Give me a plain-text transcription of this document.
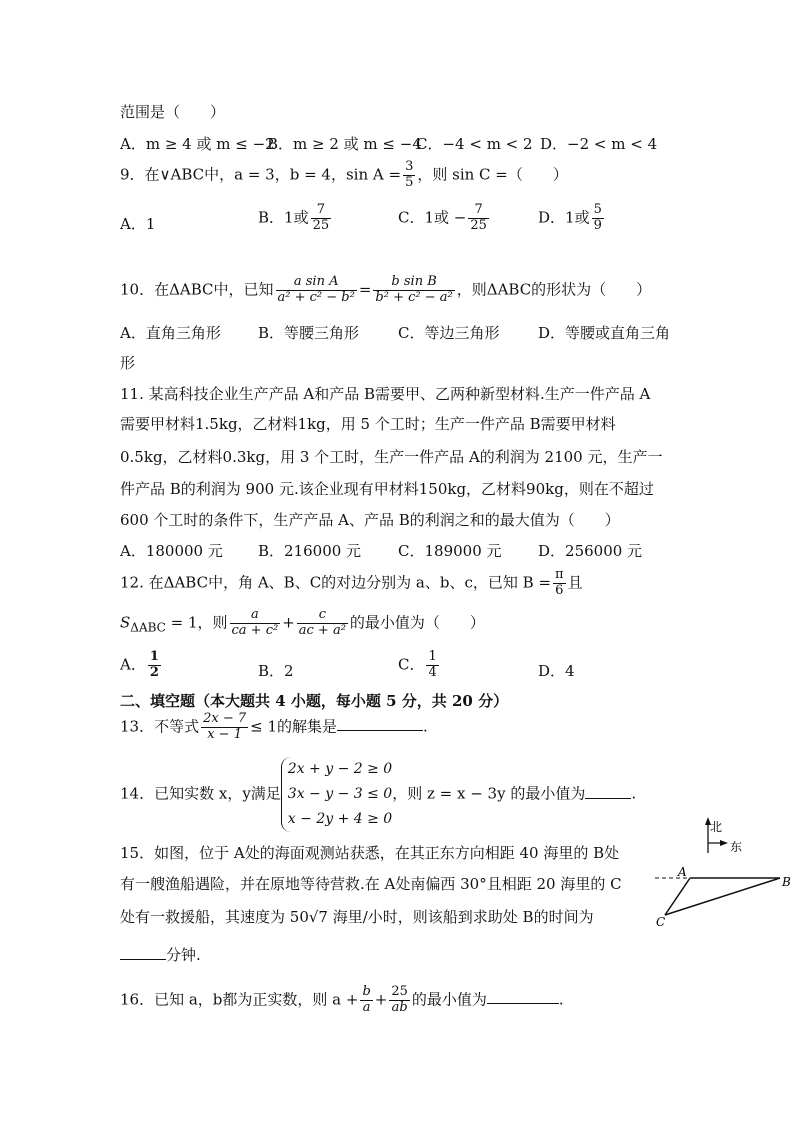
范围是（　　）
A．m ≥ 4 或 m ≤ −2
B．m ≥ 2 或 m ≤ −4
C．−4 < m < 2 D．−2 < m < 4
9．在∨ABC中，a = 3，b = 4，$\sin A = \frac{3}{5}$ ，则 sin C =（　　）
A．1	B．1或 $\frac{7}{25}$	C．1或 − $\frac{7}{25}$	D．1或 $\frac{5}{9}$
10．在ΔABC中，已知 $\frac{\text{a sin A}}{\text{a² + c² − b²}} = \frac{\text{b sin B}}{\text{b² + c² − a²}}$ ，则ΔABC的形状为（　　）
A．直角三角形 B．等腰三角形	C．等边三角形	D．等腰或直角三角
形
11. 某高科技企业生产产品 A和产品 B需要甲、乙两种新型材料.生产一件产品 A
需要甲材料1.5kg，乙材料1kg，用 5 个工时；生产一件产品 B需要甲材料
0.5kg，乙材料0.3kg，用 3 个工时，生产一件产品 A的利润为 2100 元，生产一
件产品 B的利润为 900 元.该企业现有甲材料150kg，乙材料90kg，则在不超过
600 个工时的条件下，生产产品 A、产品 B的利润之和的最大值为（　　）
A．180000 元 B．216000 元 C．189000 元 D．256000 元
12. 在ΔABC中，角 A、B、C的对边分别为 a、b、c，已知 $B = \frac{\pi}{6}$ 且
$S_{\Delta ABC} = 1$，则 $\frac{a}{\text{ca + c²}} + \frac{c}{\text{ac + a²}}$ 的最小值为（　　）
A． $\frac{1}{2}$	B．2	C． $\frac{1}{4}$	D．4
二、填空题（本大题共 4 小题，每小题 5 分，共 20 分）
13．不等式 $\frac{2x - 7}{x - 1} \le 1$的解集是	.
14．已知实数 x，y满足
2x + y − 2 ≥ 0
3x − y − 3 ≤ 0
x − 2y + 4 ≥ 0
，则 z = x − 3y 的最小值为	.
15．如图，位于 A处的海面观测站获悉，在其正东方向相距 40 海里的 B处
有一艘渔船遇险，并在原地等待营救.在 A处南偏西 30°且相距 20 海里的 C
处有一救援船，其速度为 50√7 海里/小时，则该船到求助处 B的时间为
分钟.
北
东
A
B
C
16．已知 a，b都为正实数，则 $a + \frac{b}{a} + \frac{25}{ab}$ 的最小值为	.
